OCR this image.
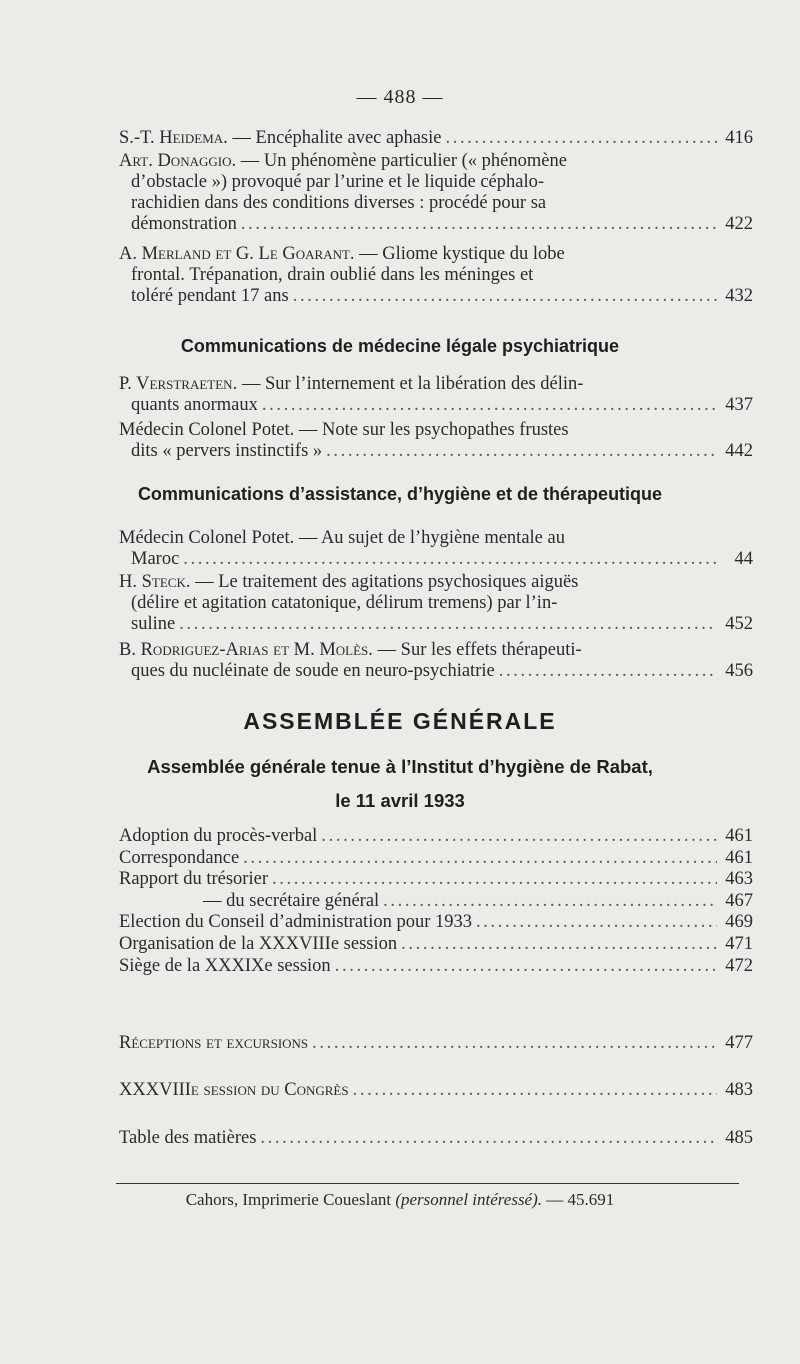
— 488 —
S.-T. Heidema. — Encéphalite avec aphasie . . .	416
Art. Donaggio. — Un phénomène particulier (« phénomène
d’obstacle ») provoqué par l’urine et le liquide céphalo-
rachidien dans des conditions diverses : procédé pour sa
démonstration . . .	422
A. Merland et G. Le Goarant. — Gliome kystique du lobe
frontal. Trépanation, drain oublié dans les méninges et
toléré pendant 17 ans . . .	432
Communications de médecine légale psychiatrique
P. Verstraeten. — Sur l’internement et la libération des délin-
quants anormaux . . .	437
Médecin Colonel Potet. — Note sur les psychopathes frustes
dits « pervers instinctifs » . . .	442
Communications d’assistance, d’hygiène et de thérapeutique
Médecin Colonel Potet. — Au sujet de l’hygiène mentale au
Maroc . . .	44
H. Steck. — Le traitement des agitations psychosiques aiguës
(délire et agitation catatonique, délirum tremens) par l’in-
suline . . .	452
B. Rodriguez-Arias et M. Molès. — Sur les effets thérapeuti-
ques du nucléinate de soude en neuro-psychiatrie . . .	456
ASSEMBLÉE GÉNÉRALE
Assemblée générale tenue à l’Institut d’hygiène de Rabat,
le 11 avril 1933
Adoption du procès-verbal . . .	461
Correspondance . . .	461
Rapport du trésorier . . .	463
— du secrétaire général . . .	467
Election du Conseil d’administration pour 1933 . . .	469
Organisation de la XXXVIIIe session . . .	471
Siège de la XXXIXe session . . .	472
Réceptions et excursions . . .	477
XXXVIIIe session du Congrès . . .	483
Table des matières . . .	485
Cahors, Imprimerie Coueslant (personnel intéressé). — 45.691
